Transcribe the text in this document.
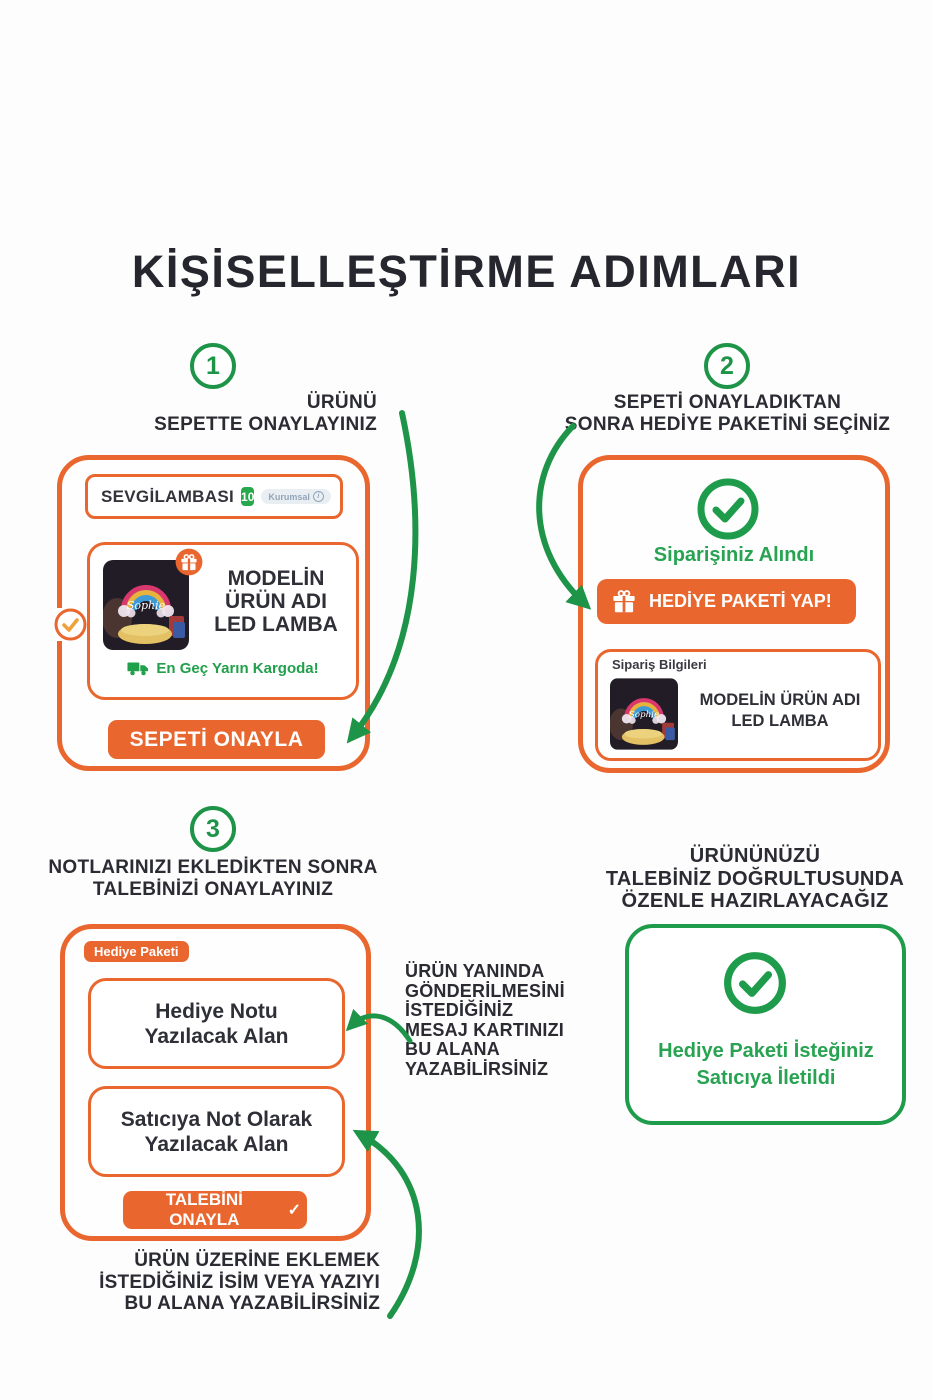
KİŞİSELLEŞTİRME ADIMLARI
1
ÜRÜNÜ
SEPETTE ONAYLAYINIZ
SEVGİLAMBASI 10 Kurumsal	i
Sophie
MODELİN
ÜRÜN ADI
LED LAMBA
En Geç Yarın Kargoda!
SEPETİ ONAYLA
2
SEPETİ ONAYLADIKTAN
SONRA HEDİYE PAKETİNİ SEÇİNİZ
Siparişiniz Alındı
HEDİYE PAKETİ YAP!
Sipariş Bilgileri
Sophie
MODELİN ÜRÜN ADI
LED LAMBA
3
NOTLARINIZI EKLEDİKTEN SONRA
TALEBİNİZİ ONAYLAYINIZ
Hediye Paketi
Hediye Notu
Yazılacak Alan
Satıcıya Not Olarak
Yazılacak Alan
TALEBİNİ ONAYLA	✓
ÜRÜN YANINDA
GÖNDERİLMESİNİ
İSTEDİĞİNİZ
MESAJ KARTINIZI
BU ALANA
YAZABİLİRSİNİZ
ÜRÜN ÜZERİNE EKLEMEK
İSTEDİĞİNİZ İSİM VEYA YAZIYI
BU ALANA YAZABİLİRSİNİZ
ÜRÜNÜNÜZÜ
TALEBİNİZ DOĞRULTUSUNDA
ÖZENLE HAZIRLAYACAĞIZ
Hediye Paketi İsteğiniz
Satıcıya İletildi
